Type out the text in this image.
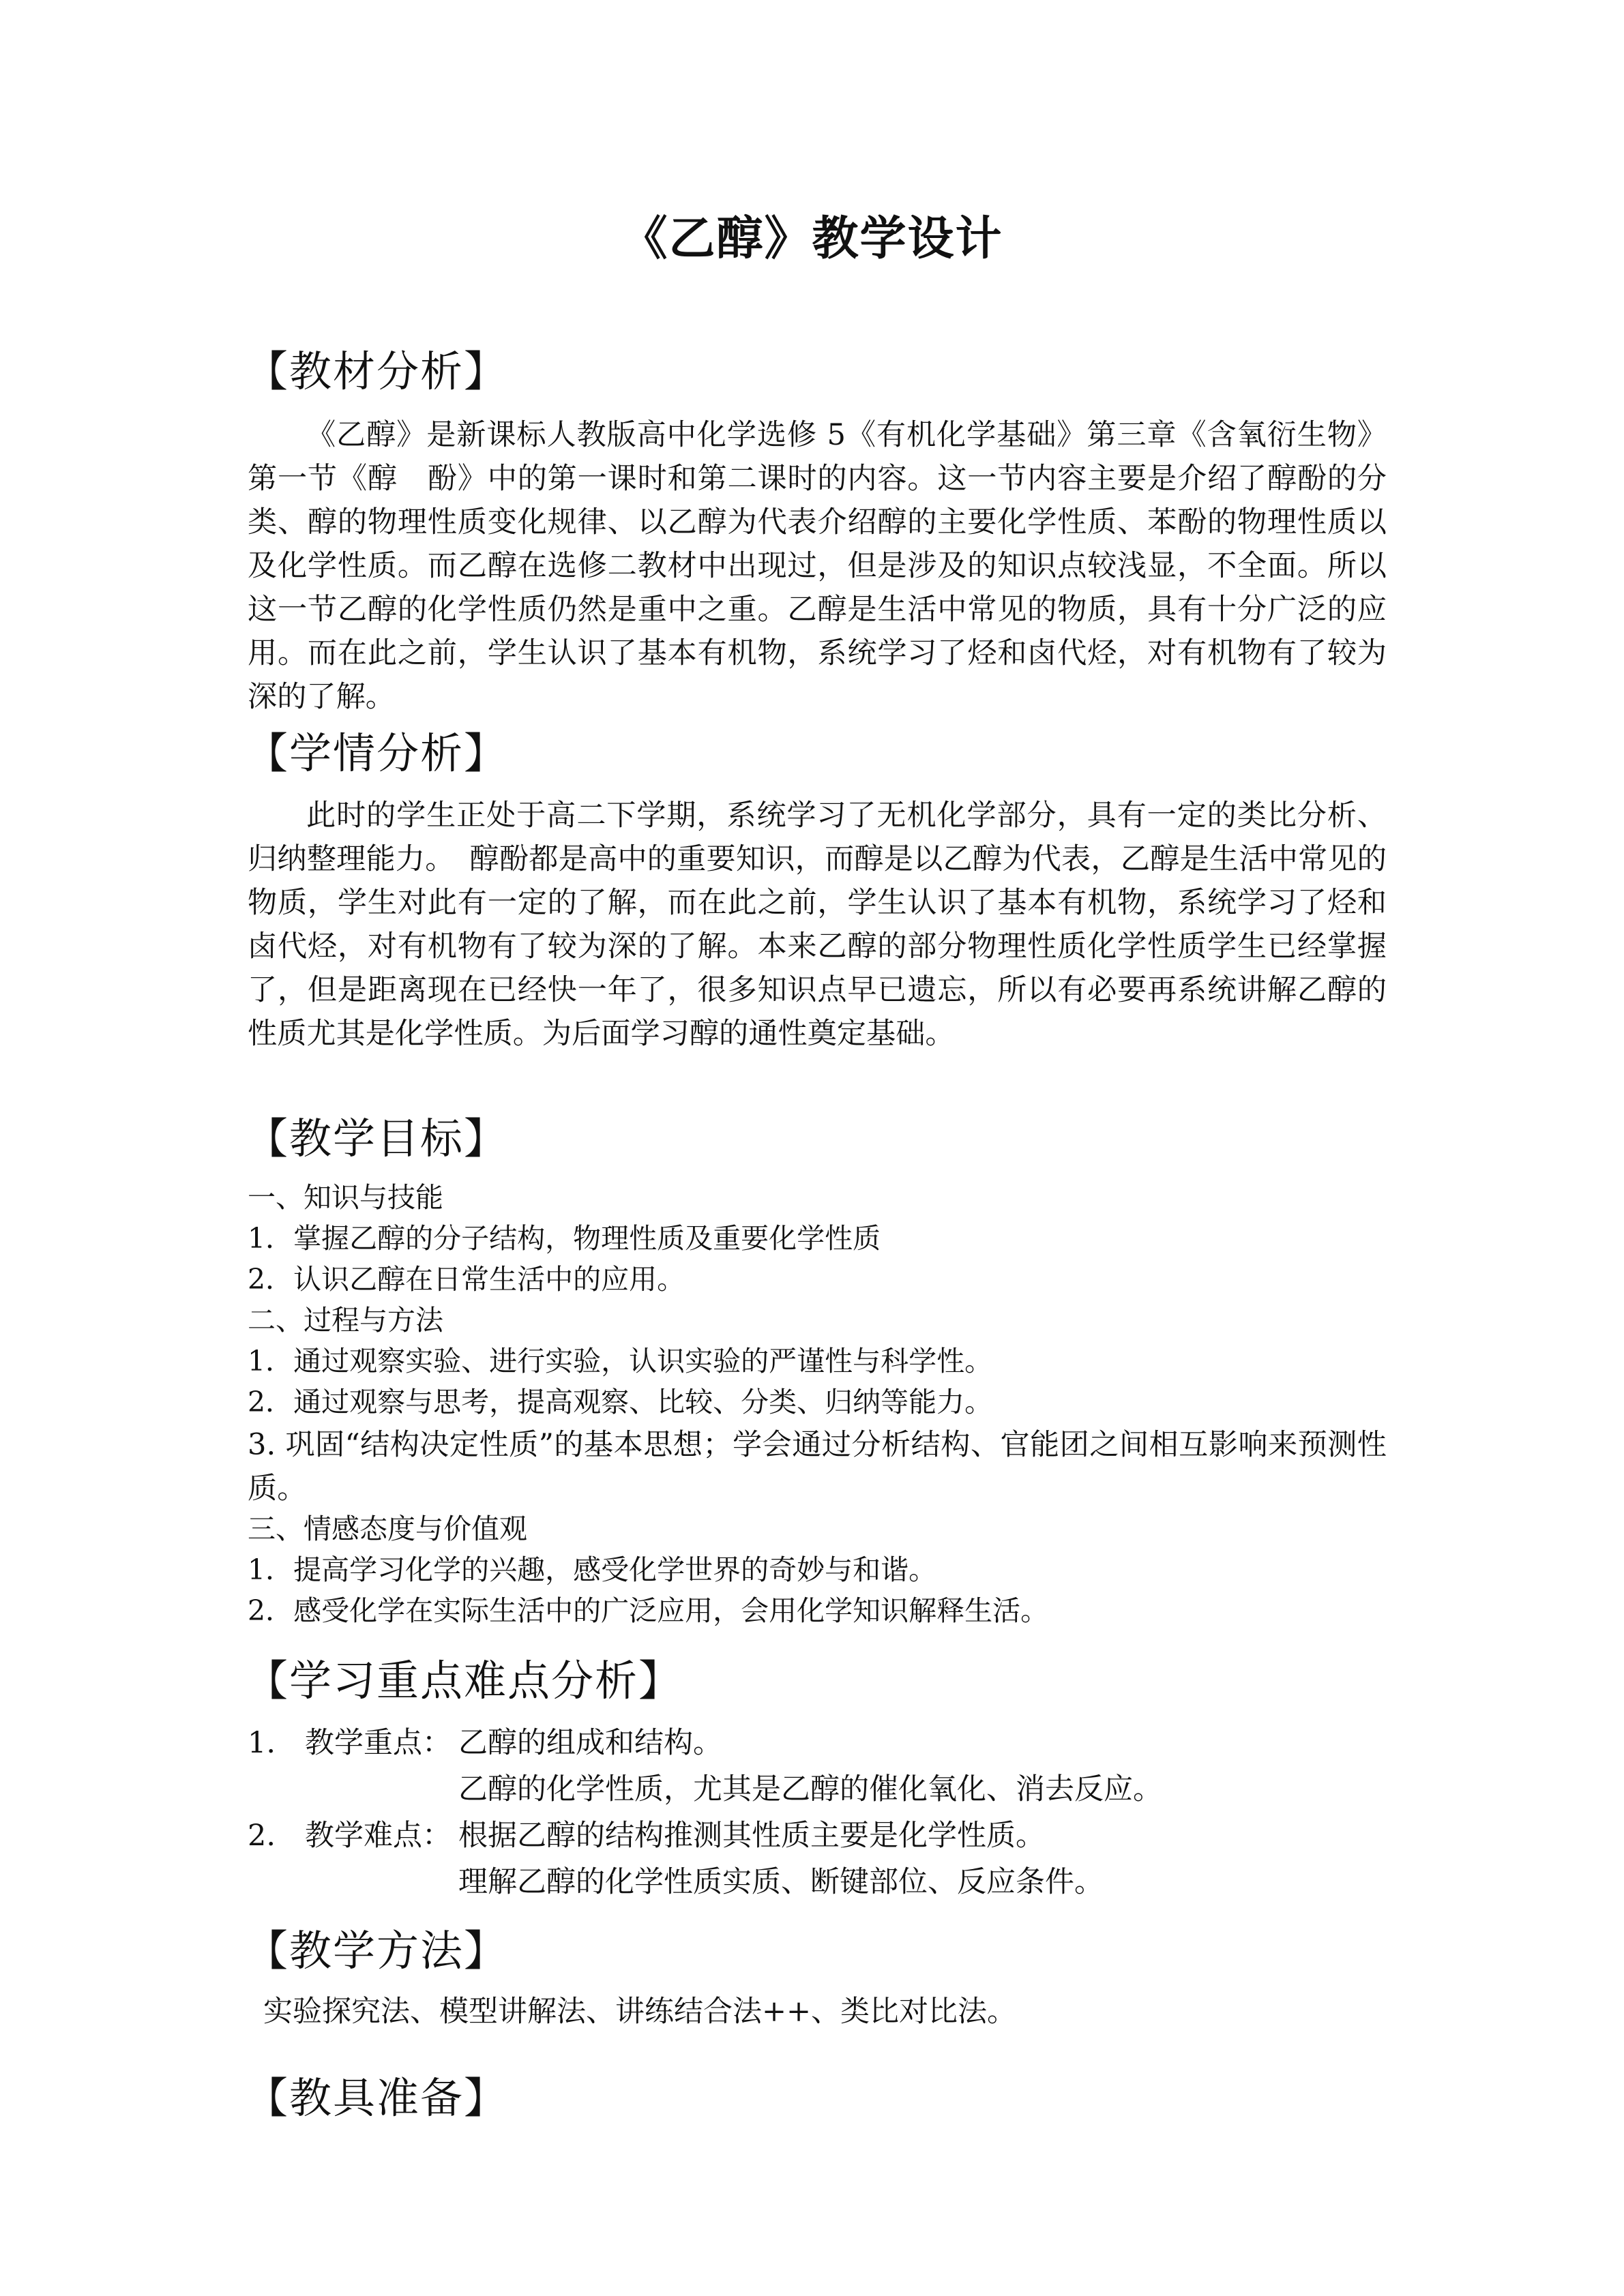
《乙醇》教学设计
【教材分析】
《乙醇》是新课标人教版高中化学选修 5《有机化学基础》第三章《含氧衍生物》第一节《醇　酚》中的第一课时和第二课时的内容。这一节内容主要是介绍了醇酚的分类、醇的物理性质变化规律、以乙醇为代表介绍醇的主要化学性质、苯酚的物理性质以及化学性质。而乙醇在选修二教材中出现过，但是涉及的知识点较浅显，不全面。所以这一节乙醇的化学性质仍然是重中之重。乙醇是生活中常见的物质，具有十分广泛的应用。而在此之前，学生认识了基本有机物，系统学习了烃和卤代烃，对有机物有了较为深的了解。
【学情分析】
此时的学生正处于高二下学期，系统学习了无机化学部分，具有一定的类比分析、归纳整理能力。　醇酚都是高中的重要知识，而醇是以乙醇为代表，乙醇是生活中常见的物质，学生对此有一定的了解，而在此之前，学生认识了基本有机物，系统学习了烃和卤代烃，对有机物有了较为深的了解。本来乙醇的部分物理性质化学性质学生已经掌握了，但是距离现在已经快一年了，很多知识点早已遗忘，所以有必要再系统讲解乙醇的性质尤其是化学性质。为后面学习醇的通性奠定基础。
【教学目标】
一、知识与技能
1．掌握乙醇的分子结构，物理性质及重要化学性质
2．认识乙醇在日常生活中的应用。
二、过程与方法
1．通过观察实验、进行实验，认识实验的严谨性与科学性。
2．通过观察与思考，提高观察、比较、分类、归纳等能力。
3. 巩固“结构决定性质”的基本思想；学会通过分析结构、官能团之间相互影响来预测性质。
三、情感态度与价值观
1．提高学习化学的兴趣，感受化学世界的奇妙与和谐。
2．感受化学在实际生活中的广泛应用，会用化学知识解释生活。
【学习重点难点分析】
1.　教学重点： 乙醇的组成和结构。
乙醇的化学性质，尤其是乙醇的催化氧化、消去反应。
2.　教学难点： 根据乙醇的结构推测其性质主要是化学性质。
理解乙醇的化学性质实质、断键部位、反应条件。
【教学方法】
实验探究法、模型讲解法、讲练结合法++、类比对比法。
【教具准备】
